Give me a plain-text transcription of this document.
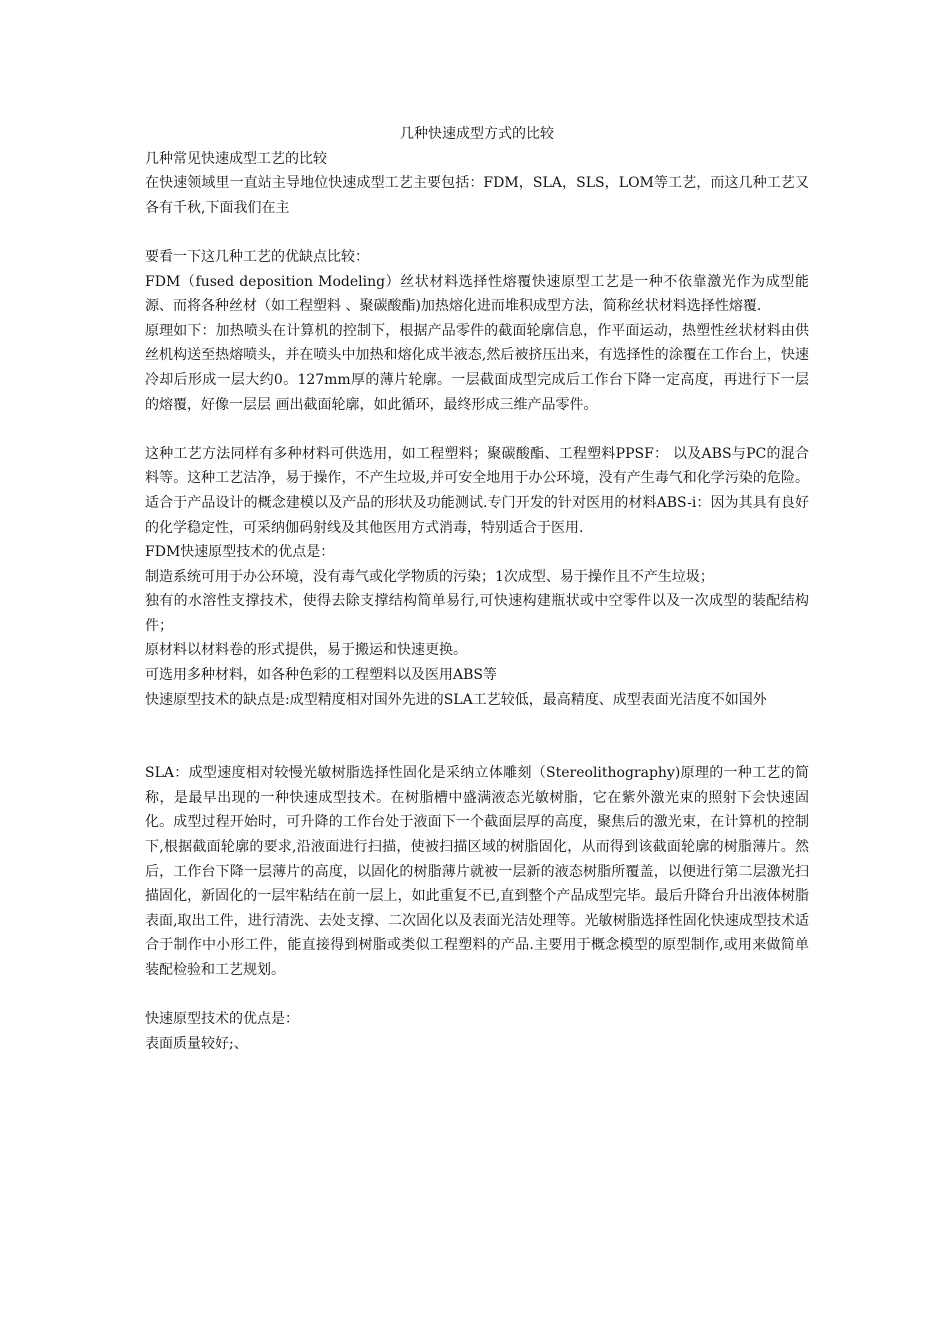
几种快速成型方式的比较
几种常见快速成型工艺的比较
在快速领域里一直站主导地位快速成型工艺主要包括：FDM，SLA，SLS，LOM等工艺，而这几种工艺又各有千秋,下面我们在主
要看一下这几种工艺的优缺点比较：
FDM（fused deposition Modeling）丝状材料选择性熔覆快速原型工艺是一种不依靠激光作为成型能源、而将各种丝材（如工程塑料 、聚碳酸酯)加热熔化进而堆积成型方法，简称丝状材料选择性熔覆.
原理如下：加热喷头在计算机的控制下，根据产品零件的截面轮廓信息，作平面运动，热塑性丝状材料由供丝机构送至热熔喷头，并在喷头中加热和熔化成半液态,然后被挤压出来，有选择性的涂覆在工作台上，快速冷却后形成一层大约0。127mm厚的薄片轮廓。一层截面成型完成后工作台下降一定高度，再进行下一层的熔覆，好像一层层 画出截面轮廓，如此循环，最终形成三维产品零件。
这种工艺方法同样有多种材料可供选用，如工程塑料；聚碳酸酯、工程塑料PPSF： 以及ABS与PC的混合料等。这种工艺洁净，易于操作，不产生垃圾,并可安全地用于办公环境，没有产生毒气和化学污染的危险。适合于产品设计的概念建模以及产品的形状及功能测试.专门开发的针对医用的材料ABS-i：因为其具有良好的化学稳定性，可采纳伽码射线及其他医用方式消毒，特别适合于医用.
FDM快速原型技术的优点是：
制造系统可用于办公环境，没有毒气或化学物质的污染；1次成型、易于操作且不产生垃圾；
独有的水溶性支撑技术，使得去除支撑结构简单易行,可快速构建瓶状或中空零件以及一次成型的装配结构件；
原材料以材料卷的形式提供，易于搬运和快速更换。
可选用多种材料，如各种色彩的工程塑料以及医用ABS等
快速原型技术的缺点是:成型精度相对国外先进的SLA工艺较低，最高精度、成型表面光洁度不如国外
SLA：成型速度相对较慢光敏树脂选择性固化是采纳立体雕刻（Stereolithography)原理的一种工艺的简称，是最早出现的一种快速成型技术。在树脂槽中盛满液态光敏树脂，它在紫外激光束的照射下会快速固化。成型过程开始时，可升降的工作台处于液面下一个截面层厚的高度，聚焦后的激光束，在计算机的控制下,根据截面轮廓的要求,沿液面进行扫描，使被扫描区域的树脂固化，从而得到该截面轮廓的树脂薄片。然后，工作台下降一层薄片的高度，以固化的树脂薄片就被一层新的液态树脂所覆盖，以便进行第二层激光扫描固化，新固化的一层牢粘结在前一层上，如此重复不已,直到整个产品成型完毕。最后升降台升出液体树脂表面,取出工件，进行清洗、去处支撑、二次固化以及表面光洁处理等。光敏树脂选择性固化快速成型技术适合于制作中小形工件，能直接得到树脂或类似工程塑料的产品.主要用于概念模型的原型制作,或用来做简单装配检验和工艺规划。
快速原型技术的优点是：
表面质量较好;、
